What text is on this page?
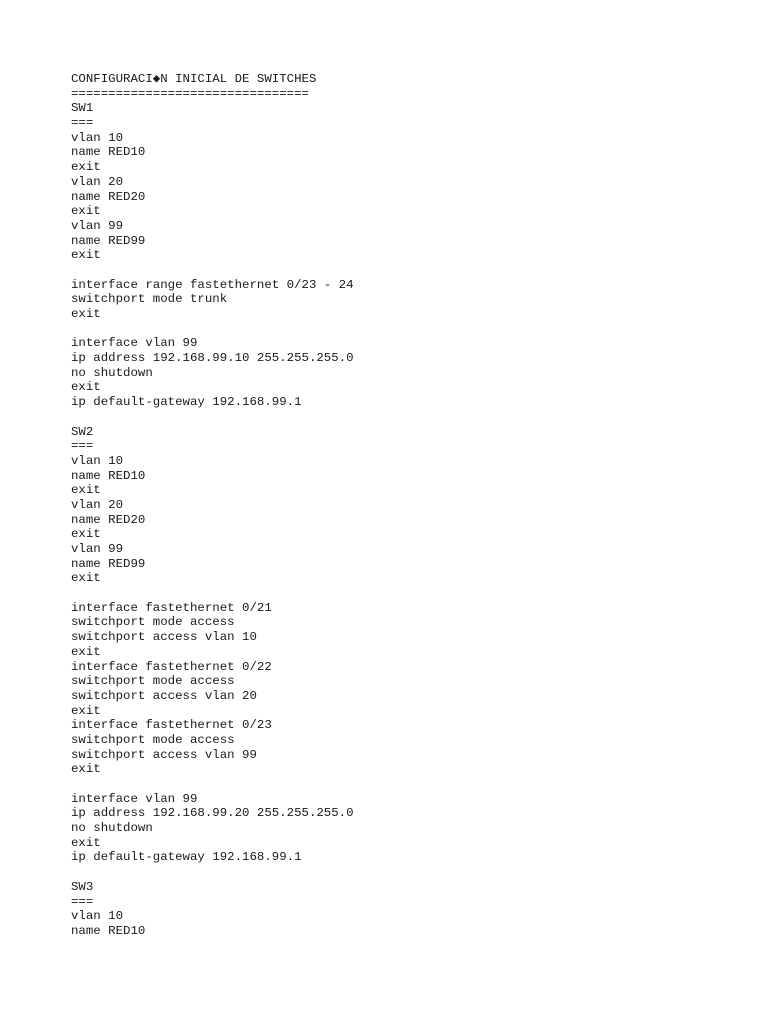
CONFIGURACI◆N INICIAL DE SWITCHES
================================
SW1
===
vlan 10
name RED10
exit
vlan 20
name RED20
exit
vlan 99
name RED99
exit
interface range fastethernet 0/23 - 24
switchport mode trunk
exit
interface vlan 99
ip address 192.168.99.10 255.255.255.0
no shutdown
exit
ip default-gateway 192.168.99.1
SW2
===
vlan 10
name RED10
exit
vlan 20
name RED20
exit
vlan 99
name RED99
exit
interface fastethernet 0/21
switchport mode access
switchport access vlan 10
exit
interface fastethernet 0/22
switchport mode access
switchport access vlan 20
exit
interface fastethernet 0/23
switchport mode access
switchport access vlan 99
exit
interface vlan 99
ip address 192.168.99.20 255.255.255.0
no shutdown
exit
ip default-gateway 192.168.99.1
SW3
===
vlan 10
name RED10
